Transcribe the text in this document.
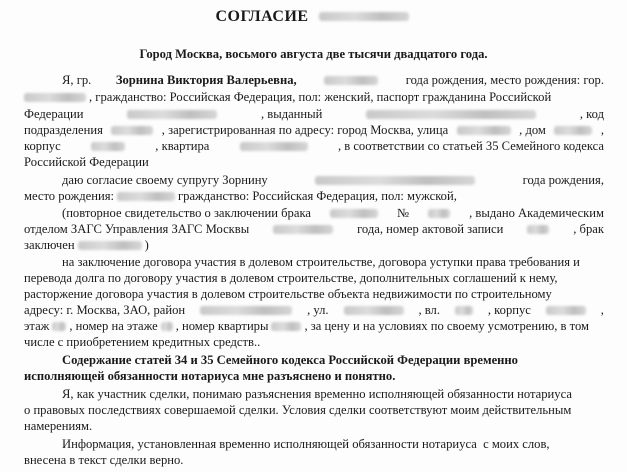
СОГЛАСИЕ
Город Москва, восьмого августа две тысячи двадцатого года.
Я, гр. Зорнина Виктория Валерьевна,	года рождения, место рождения: гор.
, гражданство: Российская Федерация, пол: женский, паспорт гражданина Российской
Федерации	, выданный	, код
подразделения	, зарегистрированная по адресу: город Москва, улица	, дом	,
корпус	, квартира	, в соответствии со статьей 35 Семейного кодекса
Российской Федерации
даю согласие своему супругу Зорнину	года рождения,
место рождения:	гражданство: Российская Федерация, пол: мужской,
(повторное свидетельство о заключении брака	№	, выдано Академическим
отделом ЗАГС Управления ЗАГС Москвы	года, номер актовой записи	, брак
заключен	)
на заключение договора участия в долевом строительстве, договора уступки права требования и
перевода долга по договору участия в долевом строительстве, дополнительных соглашений к нему,
расторжение договора участия в долевом строительстве объекта недвижимости по строительному
адресу: г. Москва, ЗАО, район	, ул.	, вл.	, корпус	,
этаж , номер на этаже , номер квартиры	, за цену и на условиях по своему усмотрению, в том
числе с приобретением кредитных средств..
Содержание статей 34 и 35 Семейного кодекса Российской Федерации временно
исполняющей обязанности нотариуса мне разъяснено и понятно.
Я, как участник сделки, понимаю разъяснения временно исполняющей обязанности нотариуса
о правовых последствиях совершаемой сделки. Условия сделки соответствуют моим действительным
намерениям.
Информация, установленная временно исполняющей обязанности нотариуса  с моих слов,
внесена в текст сделки верно.
